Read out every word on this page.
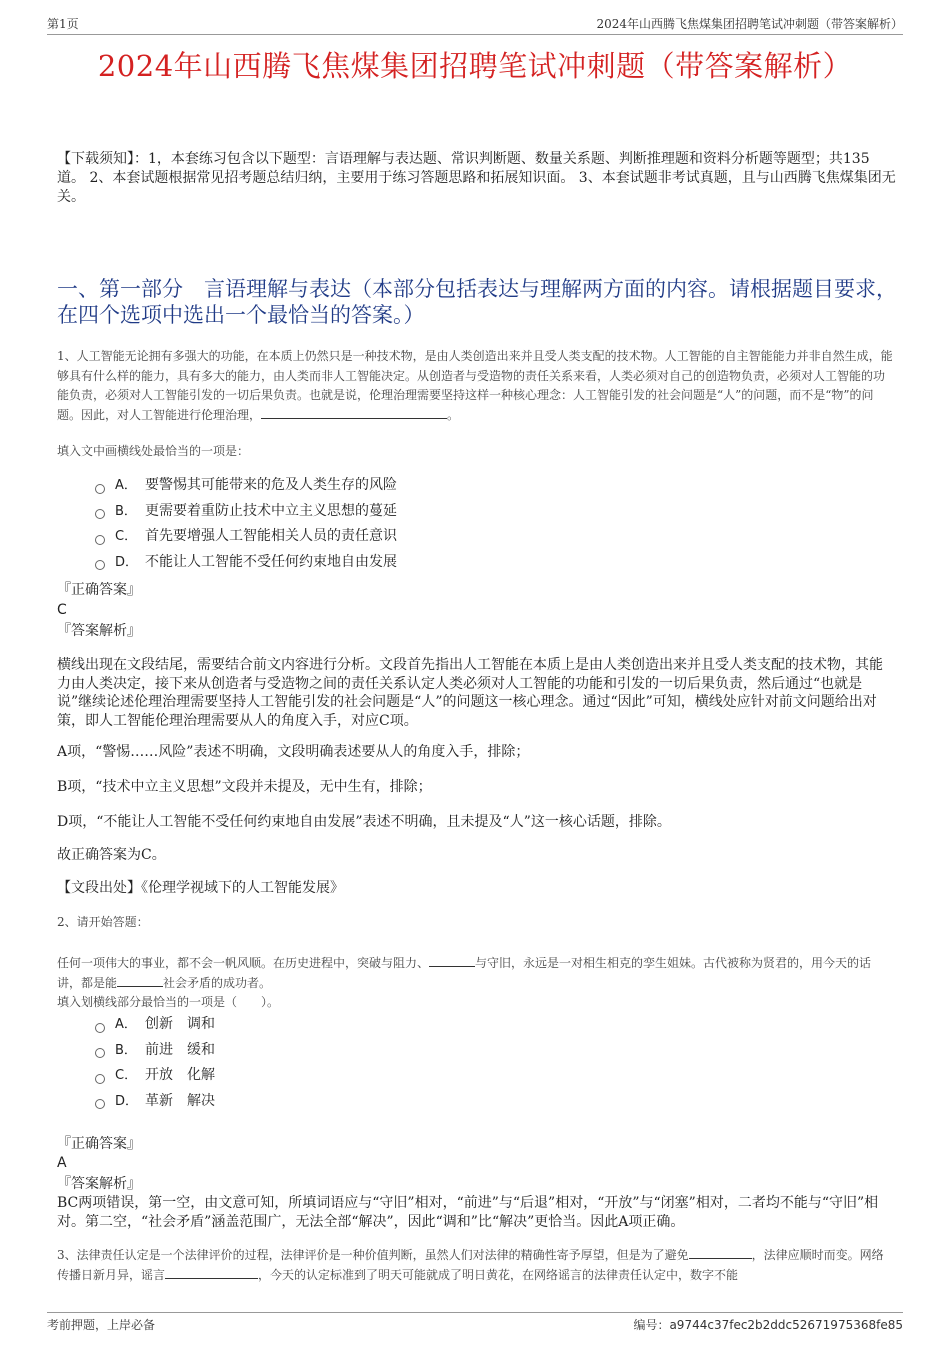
第1页	2024年山西腾飞焦煤集团招聘笔试冲刺题（带答案解析）
2024年山西腾飞焦煤集团招聘笔试冲刺题（带答案解析）
【下载须知】：1，本套练习包含以下题型：言语理解与表达题、常识判断题、数量关系题、判断推理题和资料分析题等题型；共135道。 2、本套试题根据常见招考题总结归纳，主要用于练习答题思路和拓展知识面。 3、本套试题非考试真题，且与山西腾飞焦煤集团无关。
一、第一部分　言语理解与表达（本部分包括表达与理解两方面的内容。请根据题目要求，在四个选项中选出一个最恰当的答案。）
1、人工智能无论拥有多强大的功能，在本质上仍然只是一种技术物，是由人类创造出来并且受人类支配的技术物。人工智能的自主智能能力并非自然生成，能够具有什么样的能力，具有多大的能力，由人类而非人工智能决定。从创造者与受造物的责任关系来看，人类必须对自己的创造物负责，必须对人工智能的功能负责，必须对人工智能引发的一切后果负责。也就是说，伦理治理需要坚持这样一种核心理念：人工智能引发的社会问题是“人”的问题，而不是“物”的问题。因此，对人工智能进行伦理治理，	。
填入文中画横线处最恰当的一项是：
A． 要警惕其可能带来的危及人类生存的风险
B． 更需要着重防止技术中立主义思想的蔓延
C． 首先要增强人工智能相关人员的责任意识
D． 不能让人工智能不受任何约束地自由发展
『正确答案』
C
『答案解析』
横线出现在文段结尾，需要结合前文内容进行分析。文段首先指出人工智能在本质上是由人类创造出来并且受人类支配的技术物，其能力由人类决定，接下来从创造者与受造物之间的责任关系认定人类必须对人工智能的功能和引发的一切后果负责，然后通过“也就是说”继续论述伦理治理需要坚持人工智能引发的社会问题是“人”的问题这一核心理念。通过“因此”可知，横线处应针对前文问题给出对策，即人工智能伦理治理需要从人的角度入手，对应C项。
A项，“警惕……风险”表述不明确，文段明确表述要从人的角度入手，排除；
B项，“技术中立主义思想”文段并未提及，无中生有，排除；
D项，“不能让人工智能不受任何约束地自由发展”表述不明确，且未提及“人”这一核心话题，排除。
故正确答案为C。
【文段出处】《伦理学视域下的人工智能发展》
2、请开始答题：
任何一项伟大的事业，都不会一帆风顺。在历史进程中，突破与阻力、	与守旧，永远是一对相生相克的孪生姐妹。古代被称为贤君的，用今天的话讲，都是能	社会矛盾的成功者。
填入划横线部分最恰当的一项是（　　）。
A． 创新　调和
B． 前进　缓和
C． 开放　化解
D． 革新　解决
『正确答案』
A
『答案解析』
BC两项错误，第一空，由文意可知，所填词语应与“守旧”相对，“前进”与“后退”相对，“开放”与“闭塞”相对，二者均不能与“守旧”相对。第二空，“社会矛盾”涵盖范围广，无法全部“解决”，因此“调和”比“解决”更恰当。因此A项正确。
3、法律责任认定是一个法律评价的过程，法律评价是一种价值判断，虽然人们对法律的精确性寄予厚望，但是为了避免	，法律应顺时而变。网络传播日新月异，谣言	，今天的认定标准到了明天可能就成了明日黄花，在网络谣言的法律责任认定中，数字不能
考前押题，上岸必备	编号：a9744c37fec2b2ddc52671975368fe85
